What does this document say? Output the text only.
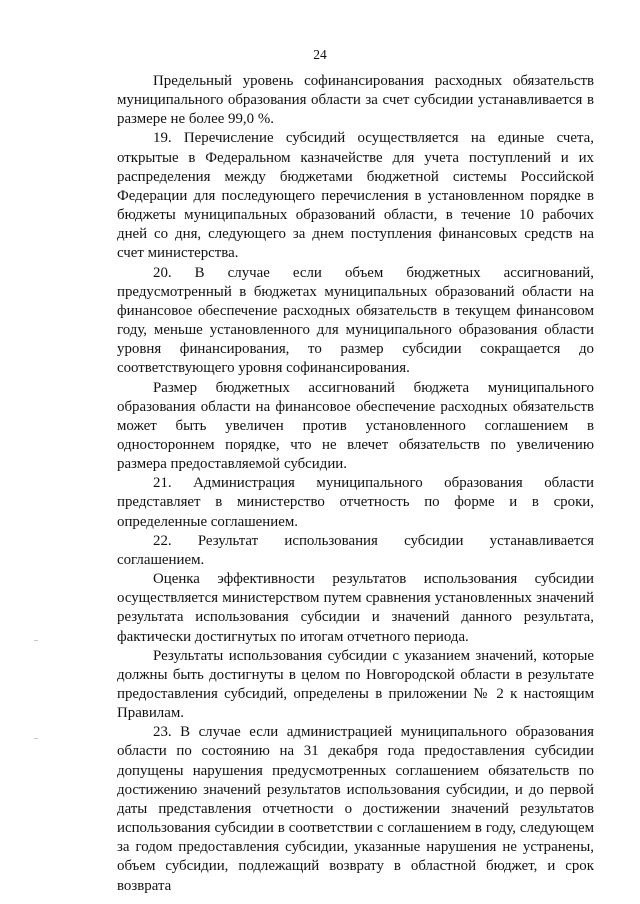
24

Предельный уровень софинансирования расходных обязательств муниципального образования области за счет субсидии устанавливается в размере не более 99,0 %.

19. Перечисление субсидий осуществляется на единые счета, открытые в Федеральном казначействе для учета поступлений и их распределения между бюджетами бюджетной системы Российской Федерации для последующего перечисления в установленном порядке в бюджеты муниципальных образований области, в течение 10 рабочих дней со дня, следующего за днем поступления финансовых средств на счет министерства.

20. В случае если объем бюджетных ассигнований, предусмотренный в бюджетах муниципальных образований области на финансовое обеспечение расходных обязательств в текущем финансовом году, меньше установленного для муниципального образования области уровня финансирования, то размер субсидии сокращается до соответствующего уровня софинансирования.

Размер бюджетных ассигнований бюджета муниципального образования области на финансовое обеспечение расходных обязательств может быть увеличен против установленного соглашением в одностороннем порядке, что не влечет обязательств по увеличению размера предоставляемой субсидии.

21. Администрация муниципального образования области представляет в министерство отчетность по форме и в сроки, определенные соглашением.

22. Результат использования субсидии устанавливается соглашением.

Оценка эффективности результатов использования субсидии осуществляется министерством путем сравнения установленных значений результата использования субсидии и значений данного результата, фактически достигнутых по итогам отчетного периода.

Результаты использования субсидии с указанием значений, которые должны быть достигнуты в целом по Новгородской области в результате предоставления субсидий, определены в приложении № 2 к настоящим Правилам.

23. В случае если администрацией муниципального образования области по состоянию на 31 декабря года предоставления субсидии допущены нарушения предусмотренных соглашением обязательств по достижению значений результатов использования субсидии, и до первой даты представления отчетности о достижении значений результатов использования субсидии в соответствии с соглашением в году, следующем за годом предоставления субсидии, указанные нарушения не устранены, объем субсидии, подлежащий возврату в областной бюджет, и срок возврата
